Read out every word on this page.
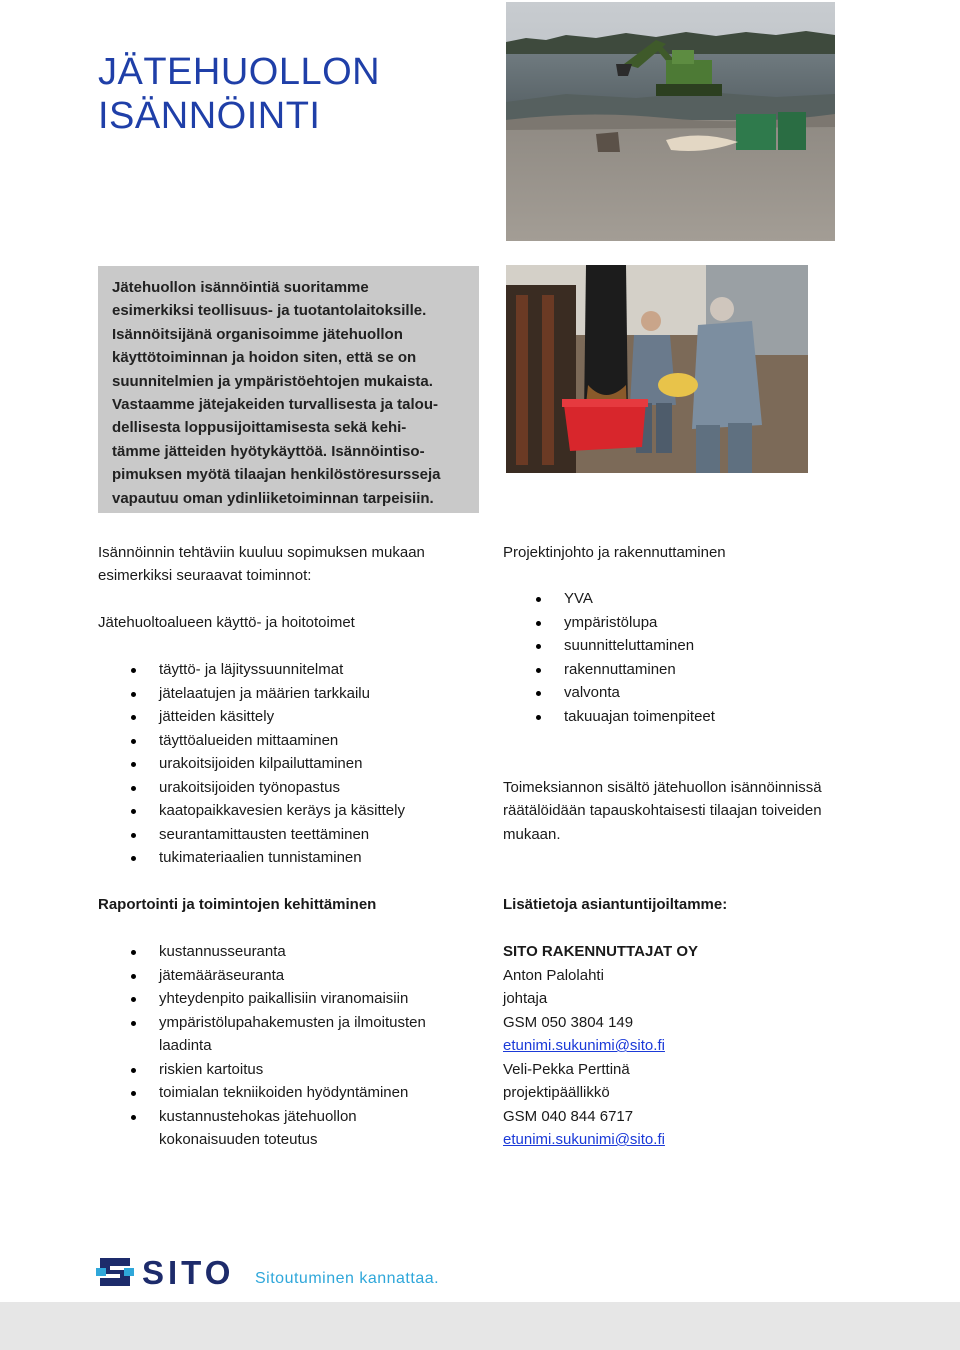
JÄTEHUOLLON
ISÄNNÖINTI
Jätehuollon isännöintiä suoritamme
esimerkiksi teollisuus- ja tuotantolaitoksille.
Isännöitsijänä organisoimme jätehuollon
käyttötoiminnan ja hoidon siten, että se on
suunnitelmien ja ympäristöehtojen mukaista.
Vastaamme jätejakeiden turvallisesta ja talou-
dellisesta loppusijoittamisesta sekä kehi-
tämme jätteiden hyötykäyttöä. Isännöintiso-
pimuksen myötä tilaajan henkilöstöresursseja
vapautuu oman ydinliiketoiminnan tarpeisiin.
Isännöinnin tehtäviin kuuluu sopimuksen mukaan
esimerkiksi seuraavat toiminnot:
Jätehuoltoalueen käyttö- ja hoitotoimet
täyttö- ja läjityssuunnitelmat
jätelaatujen ja määrien tarkkailu
jätteiden käsittely
täyttöalueiden mittaaminen
urakoitsijoiden kilpailuttaminen
urakoitsijoiden työnopastus
kaatopaikkavesien keräys ja käsittely
seurantamittausten teettäminen
tukimateriaalien tunnistaminen
Raportointi ja toimintojen kehittäminen
kustannusseuranta
jätemääräseuranta
yhteydenpito paikallisiin viranomaisiin
ympäristölupahakemusten ja ilmoitusten laadinta
riskien kartoitus
toimialan tekniikoiden hyödyntäminen
kustannustehokas jätehuollon kokonaisuuden toteutus
Projektinjohto ja rakennuttaminen
YVA
ympäristölupa
suunnitteluttaminen
rakennuttaminen
valvonta
takuuajan toimenpiteet
Toimeksiannon sisältö jätehuollon isännöinnissä
räätälöidään tapauskohtaisesti tilaajan toiveiden
mukaan.
Lisätietoja asiantuntijoiltamme:
SITO RAKENNUTTAJAT OY
Anton Palolahti
johtaja
GSM 050 3804 149
etunimi.sukunimi@sito.fi
Veli-Pekka Perttinä
projektipäällikkö
GSM 040 844 6717
etunimi.sukunimi@sito.fi
SITO Sitoutuminen kannattaa.
